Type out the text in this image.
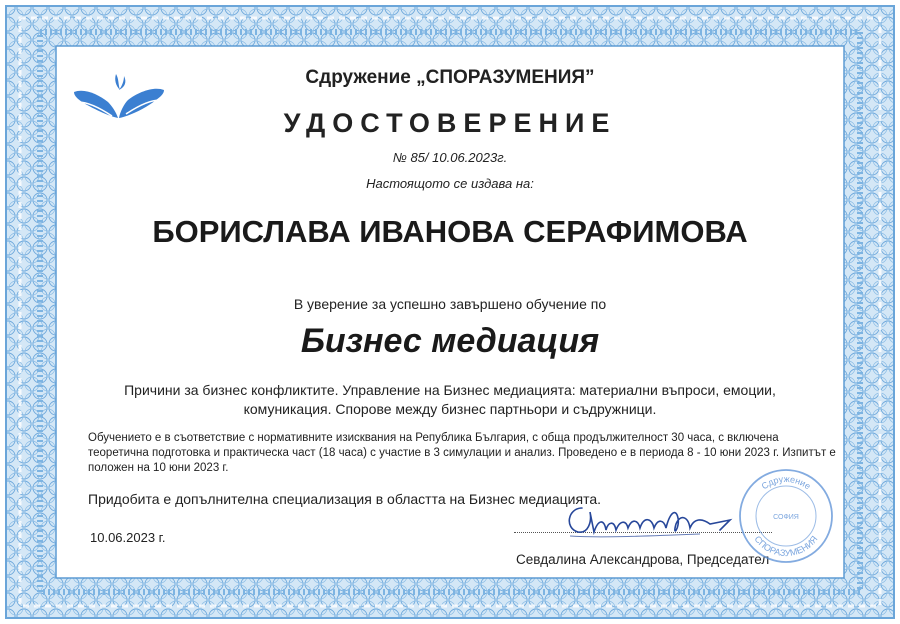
Сдружение „СПОРАЗУМЕНИЯ”
УДОСТОВЕРЕНИЕ
№ 85/ 10.06.2023г.
Настоящото се издава на:
БОРИСЛАВА ИВАНОВА СЕРАФИМОВА
В уверение за успешно завършено обучение по
Бизнес медиация
Причини за бизнес конфликтите. Управление на Бизнес медиацията: материални въпроси, емоции, комуникация. Спорове между бизнес партньори и съдружници.
Обучението е в съответствие с нормативните изисквания на Република България, с обща продължителност 30 часа, с включена теоретична подготовка и практическа част (18 часа) с участие в 3 симулации и анализ. Проведено е в периода 8 - 10 юни 2023 г. Изпитът е положен на 10 юни 2023 г.
Придобита е допълнителна специализация в областта на Бизнес медиацията.
10.06.2023 г.
Севдалина Александрова, Председател
Сдружение
СОФИЯ
СПОРАЗУМЕНИЯ
